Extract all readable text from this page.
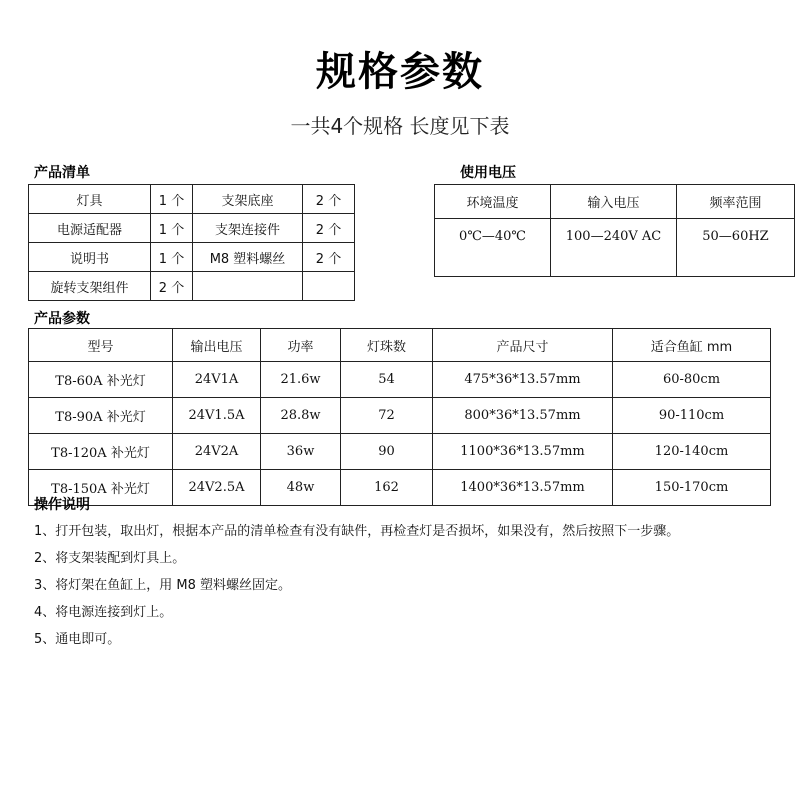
规格参数
一共4个规格 长度见下表
产品清单
灯具	1 个	支架底座	2 个
电源适配器	1 个	支架连接件	2 个
说明书	1 个	M8 塑料螺丝	2 个
旋转支架组件	2 个		
使用电压
环境温度	输入电压	频率范围
0℃—40℃	100—240V AC	50—60HZ
产品参数
型号	输出电压	功率	灯珠数	产品尺寸	适合鱼缸 mm
T8-60A 补光灯	24V1A	21.6w	54	475*36*13.57mm	60-80cm
T8-90A 补光灯	24V1.5A	28.8w	72	800*36*13.57mm	90-110cm
T8-120A 补光灯	24V2A	36w	90	1100*36*13.57mm	120-140cm
T8-150A 补光灯	24V2.5A	48w	162	1400*36*13.57mm	150-170cm
操作说明
1、打开包装，取出灯，根据本产品的清单检查有没有缺件，再检查灯是否损坏，如果没有，然后按照下一步骤。
2、将支架装配到灯具上。
3、将灯架在鱼缸上，用 M8 塑料螺丝固定。
4、将电源连接到灯上。
5、通电即可。
